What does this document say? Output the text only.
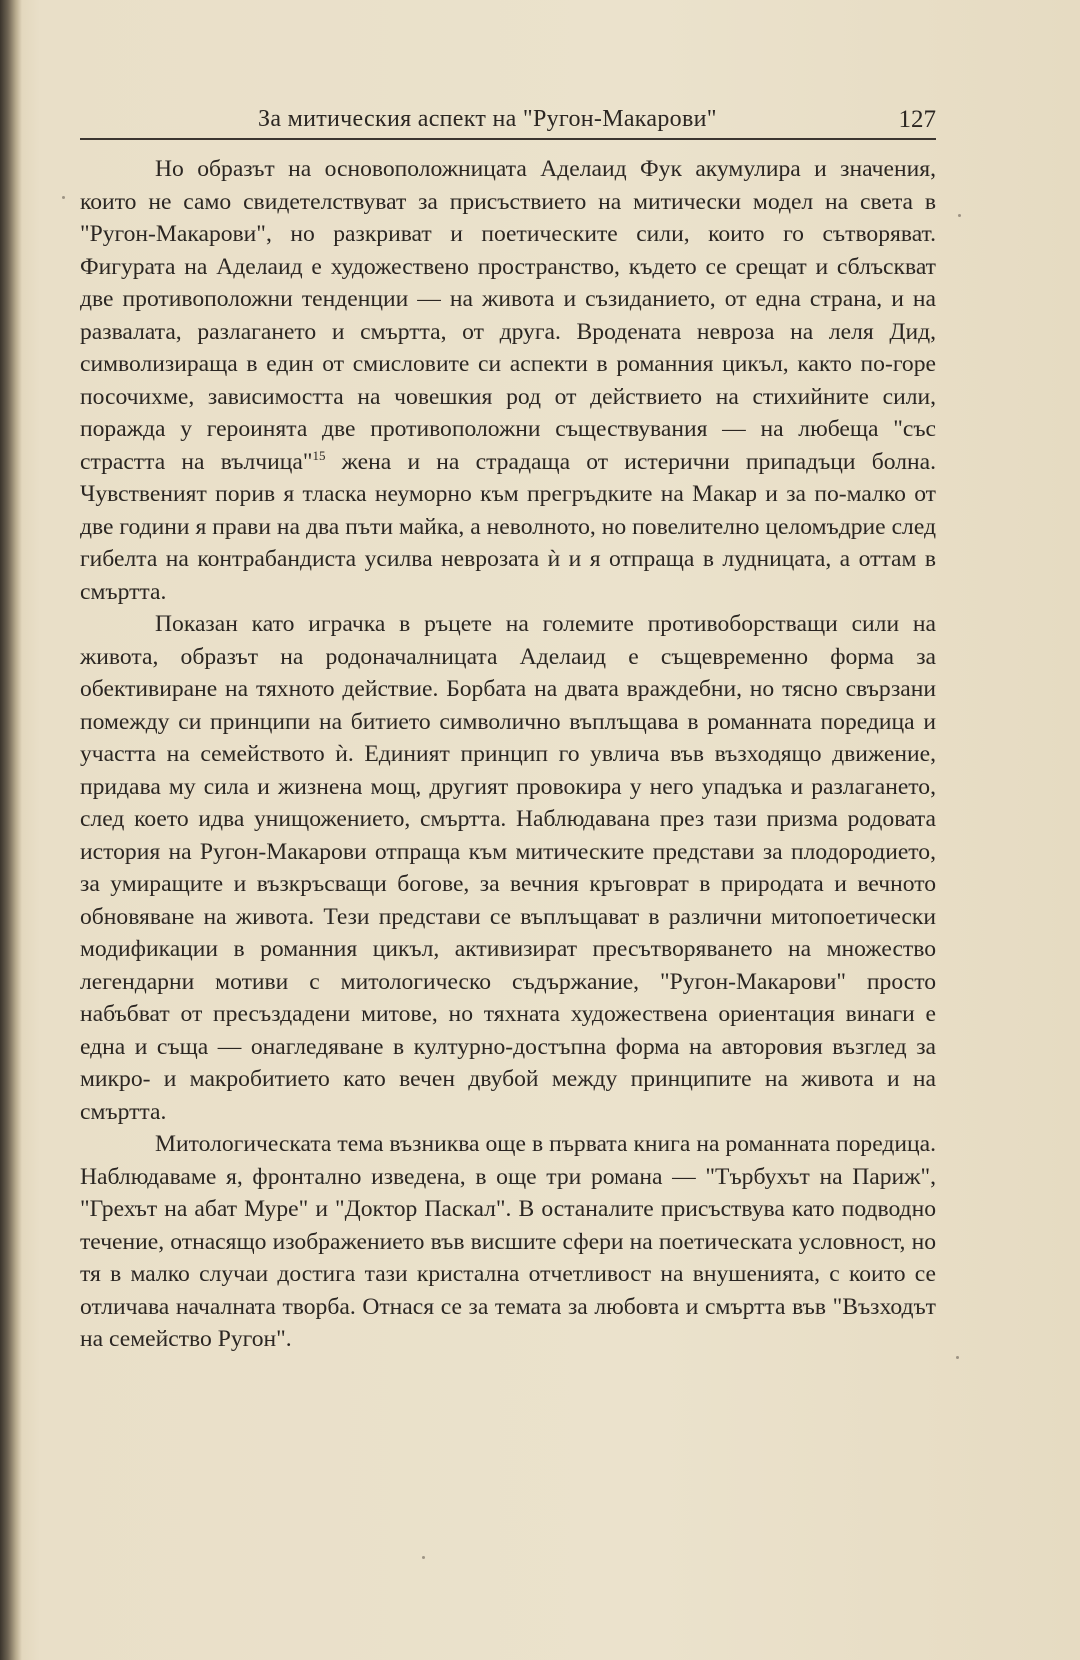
За митическия аспект на "Ругон-Макарови"	127

Но образът на основоположницата Аделаид Фук акумулира и значения, които не само свидетелствуват за присъствието на митически модел на света в "Ругон-Макарови", но разкриват и поетическите сили, които го сътворяват. Фигурата на Аделаид е художествено пространство, където се срещат и сблъскват две противоположни тенденции — на живота и съзиданието, от една страна, и на развалата, разлагането и смъртта, от друга. Вродената невроза на леля Дид, символизираща в един от смисловите си аспекти в романния цикъл, както по-горе посочихме, зависимостта на човешкия род от действието на стихийните сили, поражда у героинята две противоположни съществувания — на любеща "със страстта на вълчица"$^{15}$ жена и на страдаща от истерични припадъци болна. Чувственият порив я тласка неуморно към прегръдките на Макар и за по-малко от две години я прави на два пъти майка, а неволното, но повелително целомъдрие след гибелта на контрабандиста усилва неврозата ѝ и я отпраща в лудницата, а оттам в смъртта.

Показан като играчка в ръцете на големите противоборстващи сили на живота, образът на родоначалницата Аделаид е същевременно форма за обективиране на тяхното действие. Борбата на двата враждебни, но тясно свързани помежду си принципи на битието символично въплъщава в романната поредица и участта на семейството ѝ. Единият принцип го увлича във възходящо движение, придава му сила и жизнена мощ, другият провокира у него упадъка и разлагането, след което идва унищожението, смъртта. Наблюдавана през тази призма родовата история на Ругон-Макарови отпраща към митическите представи за плодородието, за умиращите и възкръсващи богове, за вечния кръговрат в природата и вечното обновяване на живота. Тези представи се въплъщават в различни митопоетически модификации в романния цикъл, активизират пресътворяването на множество легендарни мотиви с митологическо съдържание, "Ругон-Макарови" просто набъбват от пресъздадени митове, но тяхната художествена ориентация винаги е една и съща — онагледяване в културно-достъпна форма на авторовия възглед за микро- и макробитието като вечен двубой между принципите на живота и на смъртта.

Митологическата тема възниква още в първата книга на романната поредица. Наблюдаваме я, фронтално изведена, в още три романа — "Търбухът на Париж", "Грехът на абат Муре" и "Доктор Паскал". В останалите присъствува като подводно течение, отнасящо изображението във висшите сфери на поетическата условност, но тя в малко случаи достига тази кристална отчетливост на внушенията, с които се отличава началната творба. Отнася се за темата за любовта и смъртта във "Възходът на семейство Ругон".
